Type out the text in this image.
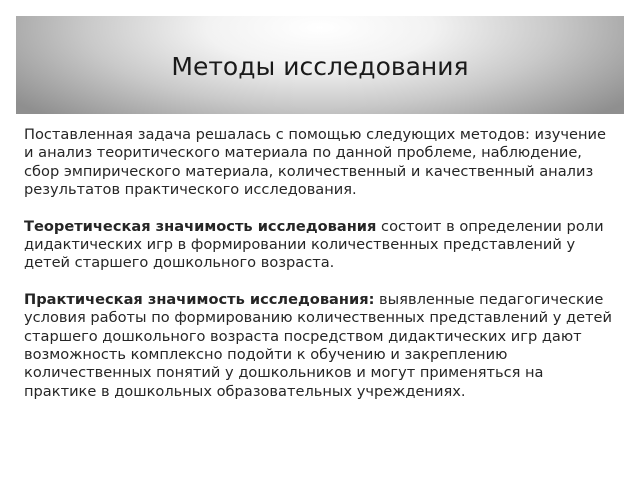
Методы исследования

Поставленная задача решалась с помощью следующих методов: изучение и анализ теоритического материала по данной проблеме, наблюдение, сбор эмпирического материала, количественный и качественный анализ результатов практического исследования.

Теоретическая значимость исследования состоит в определении роли дидактических игр в формировании количественных представлений у детей старшего дошкольного возраста.

Практическая значимость исследования: выявленные педагогические условия работы по формированию количественных представлений у детей старшего дошкольного возраста посредством дидактических игр дают возможность комплексно подойти к обучению и закреплению количественных понятий у дошкольников и могут применяться на практике в дошкольных образовательных учреждениях.
